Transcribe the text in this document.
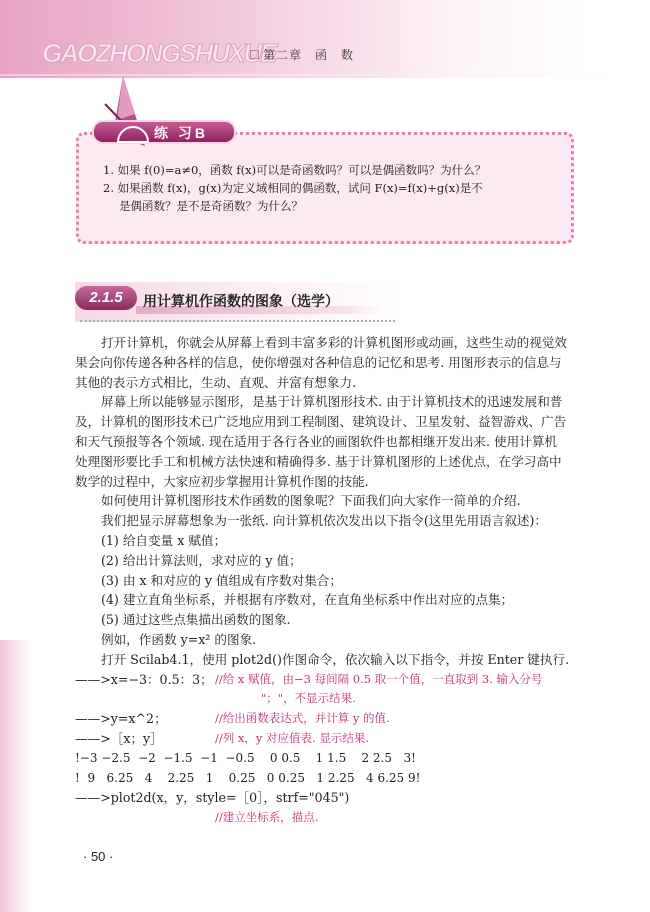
GAOZHONGSHUXUE
第二章　函　数
1. 如果 f(0)=a≠0，函数 f(x)可以是奇函数吗？可以是偶函数吗？为什么？
2. 如果函数 f(x)，g(x)为定义域相同的偶函数，试问 F(x)=f(x)+g(x)是不
是偶函数？是不是奇函数？为什么？
练 习B
2.1.5	用计算机作函数的图象（选学）
打开计算机，你就会从屏幕上看到丰富多彩的计算机图形或动画，这些生动的视觉效
果会向你传递各种各样的信息，使你增强对各种信息的记忆和思考. 用图形表示的信息与
其他的表示方式相比，生动、直观、并富有想象力.
屏幕上所以能够显示图形，是基于计算机图形技术. 由于计算机技术的迅速发展和普
及，计算机的图形技术已广泛地应用到工程制图、建筑设计、卫星发射、益智游戏、广告
和天气预报等各个领域. 现在适用于各行各业的画图软件也都相继开发出来. 使用计算机
处理图形要比手工和机械方法快速和精确得多. 基于计算机图形的上述优点，在学习高中
数学的过程中，大家应初步掌握用计算机作图的技能.
如何使用计算机图形技术作函数的图象呢？下面我们向大家作一简单的介绍.
我们把显示屏幕想象为一张纸. 向计算机依次发出以下指令(这里先用语言叙述)：
(1) 给自变量 x 赋值；
(2) 给出计算法则，求对应的 y 值；
(3) 由 x 和对应的 y 值组成有序数对集合；
(4) 建立直角坐标系，并根据有序数对，在直角坐标系中作出对应的点集；
(5) 通过这些点集描出函数的图象.
例如，作函数 y=x² 的图象.
打开 Scilab4.1，使用 plot2d()作图命令，依次输入以下指令，并按 Enter 键执行.
——>x=−3：0.5：3； //给 x 赋值，由−3 每间隔 0.5 取一个值，一直取到 3. 输入分号
"；"，不显示结果.
——>y=x^2；	//给出函数表达式，并计算 y 的值.
——>［x；y］	//列 x，y 对应值表. 显示结果.
!−3 −2.5  −2  −1.5  −1  −0.5    0 0.5    1 1.5    2 2.5   3!
!  9   6.25   4    2.25   1    0.25   0 0.25   1 2.25   4 6.25 9!
——>plot2d(x，y，style=［0］，strf="045")
//建立坐标系，描点.
· 50 ·
